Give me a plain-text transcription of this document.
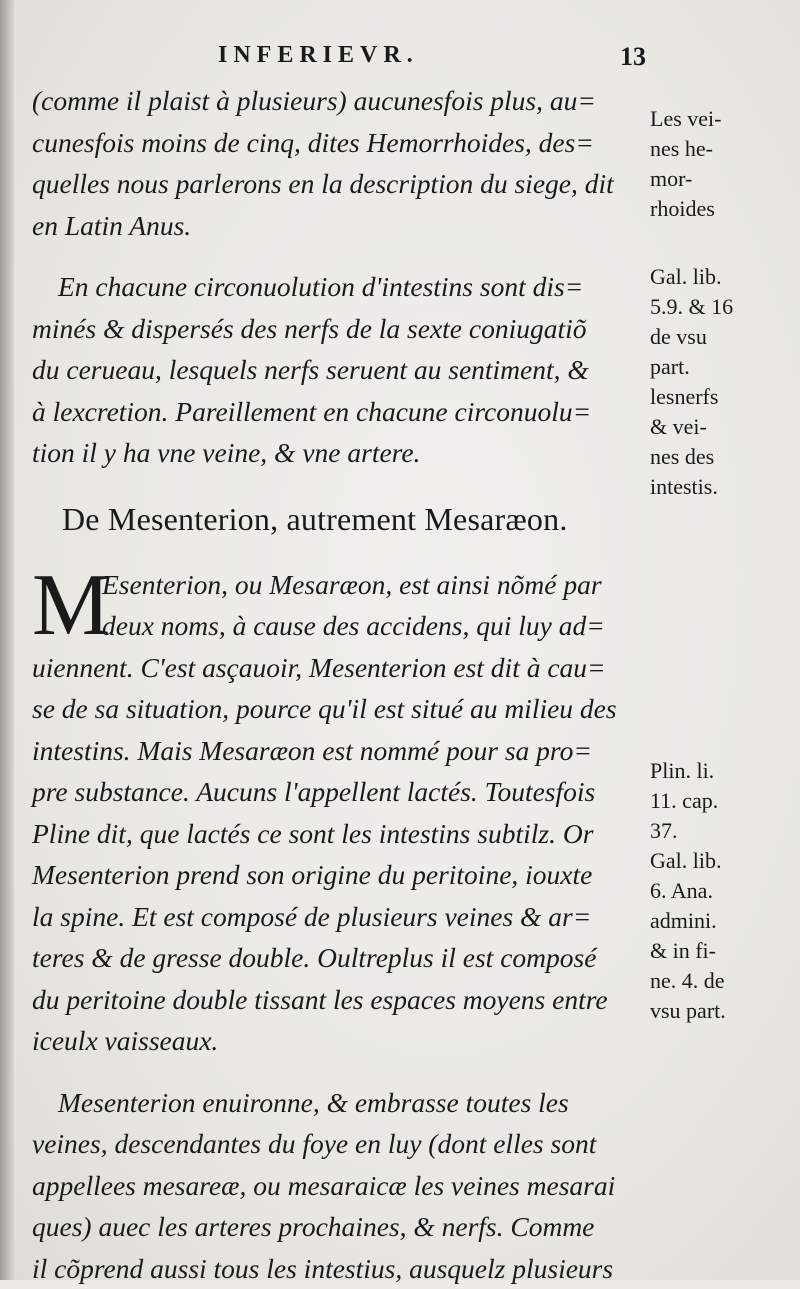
INFERIEVR.	13

(comme il plaist à plusieurs) aucunesfois plus, au=

cunesfois moins de cinq, dites Hemorrhoides, des=

quelles nous parlerons en la description du siege, dit

en Latin Anus.

En chacune circonuolution d'intestins sont dis=

minés & dispersés des nerfs de la sexte coniugatiõ

du cerueau, lesquels nerfs seruent au sentiment, &

à lexcretion. Pareillement en chacune circonuolu=

tion il y ha vne veine, & vne artere.

De Mesenterion, autrement Mesaræon.
M

Esenterion, ou Mesaræon, est ainsi nõmé par

deux noms, à cause des accidens, qui luy ad=

uiennent. C'est asçauoir, Mesenterion est dit à cau=

se de sa situation, pource qu'il est situé au milieu des

intestins. Mais Mesaræon est nommé pour sa pro=

pre substance. Aucuns l'appellent lactés. Toutesfois

Pline dit, que lactés ce sont les intestins subtilz. Or

Mesenterion prend son origine du peritoine, iouxte

la spine. Et est composé de plusieurs veines & ar=

teres & de gresse double. Oultreplus il est composé

du peritoine double tissant les espaces moyens entre

iceulx vaisseaux.

Mesenterion enuironne, & embrasse toutes les

veines, descendantes du foye en luy (dont elles sont

appellees mesareæ, ou mesaraicæ les veines mesarai

ques) auec les arteres prochaines, & nerfs. Comme

il cõprend aussi tous les intestius, ausquelz plusieurs

Les vei-
nes he-
mor-
rhoides
Gal. lib.
5.9. & 16
de vsu
part.
lesnerfs
& vei-
nes des
intestis.
Plin. li.
11. cap.
37.
Gal. lib.
6. Ana.
admini.
& in fi-
ne. 4. de
vsu part.
